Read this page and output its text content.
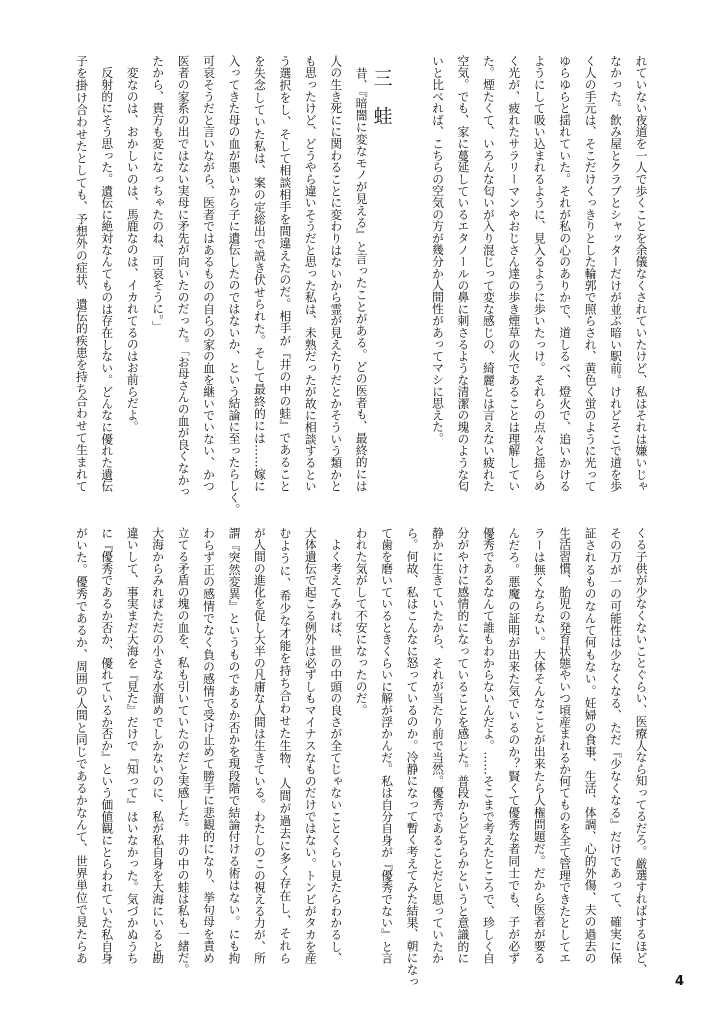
れていない夜道を一人で歩くことを余儀なくされていたけど、私はそれは嫌いじゃ
なかった。飲み屋とクラブとシャッターだけが並ぶ暗い駅前。けれどそこで道を歩
く人の手元は、そこだけくっきりとした輪郭で照らされ、黄色く蛍のように光って
ゆらゆらと揺れていた。それが私の心のありかで、道しるべ、燈火で、追いかける
ようにして吸い込まれるように、見入るように歩いたっけ。それらの点々と揺らめ
く光が、疲れたサラリーマンやおじさん達の歩き煙草の火であることは理解してい
た。煙たくて、いろんな匂いが入り混じって変な感じの、綺麗とは言えない疲れた
空気。でも、家に蔓延しているエタノールの鼻に刺さるような清潔の塊のような匂
いと比べれば、こちらの空気の方が幾分か人間性があってマシに思えた。
三　蛙
　昔、『暗闇に変なモノが見える』と言ったことがある。どの医者も、最終的には
人の生き死にに関わることに変わりはないから霊が見えたりだとかそういう類かと
も思ったけど、どうやら違いそうだと思った私は、未熟だったが故に相談するとい
う選択をし、そして相談相手を間違えたのだ。相手が『井の中の蛙』であること
を失念していた私は、案の定総出で説き伏せられた。そして最終的には……嫁に
入ってきた母の血が悪いから子に遺伝したのではないか、という結論に至ったらしく。
可哀そうだと言いながら、医者ではあるものの自らの家の血を継いでいない、かつ
医者の家系の出ではない実母に矛先が向いたのだった。「お母さんの血が良くなかっ
たから、貴方も変になっちゃたのね、可哀そうに。」
　変なのは、おかしいのは、馬鹿なのは、イカれてるのはお前らだよ。
　反射的にそう思った。遺伝に絶対なんてものは存在しない。どんなに優れた遺伝
子を掛け合わせたとしても、予想外の症状、遺伝的疾患を持ち合わせて生まれて
くる子供が少なくないことぐらい、医療人なら知ってるだろ。厳選すればするほど、
その万が一の可能性は少なくなる、ただ『少なくなる』だけであって、確実に保
証されるものなんて何もない。妊婦の食事、生活、体調、心的外傷、夫の過去の
生活習慣、胎児の発育状態やいつ頃産まれるか何てものを全て管理できたとしてエ
ラーは無くならない。大体そんなことが出来たら人権問題だ。だから医者が要る
んだろ。悪魔の証明が出来た気でいるのか？賢くて優秀な者同士でも、子が必ず
優秀であるなんて誰もわからないんだよ。……そこまで考えたところで、珍しく自
分がやけに感情的になっていることを感じた。普段からどちらかというと意識的に
静かに生きていたから、それが当たり前で当然。優秀であることだと思っていたか
ら。何故、私はこんなに怒っているのか。冷静になって暫く考えてみた結果、朝になっ
て歯を磨いているときくらいに解が浮かんだ。私は自分自身が『優秀でない』と言
われた気がして不安になったのだ。
　よく考えてみれば、世の中頭の良さが全てじゃないことくらい見たらわかるし、
大体遺伝で起こる例外は必ずしもマイナスなものだけではない。トンビがタカを産
むように、希少な才能を持ち合わせた生物、人間が過去に多く存在し、それら
が人間の進化を促し大半の凡庸な人間は生きている。わたしのこの視える力が、所
謂『突然変異』というものであるか否かを現段階で結論付ける術はない。にも拘
わらず正の感情でなく負の感情で受け止めて勝手に悲観的になり、挙句母を責め
立てる矛盾の塊の血を、私も引いていたのだと実感した。井の中の蛙は私も一緒だ。
大海からみればただの小さな水溜めでしかないのに、私が私自身を大海にいると勘
違いして、事実まだ大海を『見た』だけで『知って』はいなかった。気づかぬうち
に『優秀であるか否か、優れているか否か』という価値観にとらわれていた私自身
がいた。優秀であるか、周囲の人間と同じであるかなんて、世界単位で見たらあ
4
